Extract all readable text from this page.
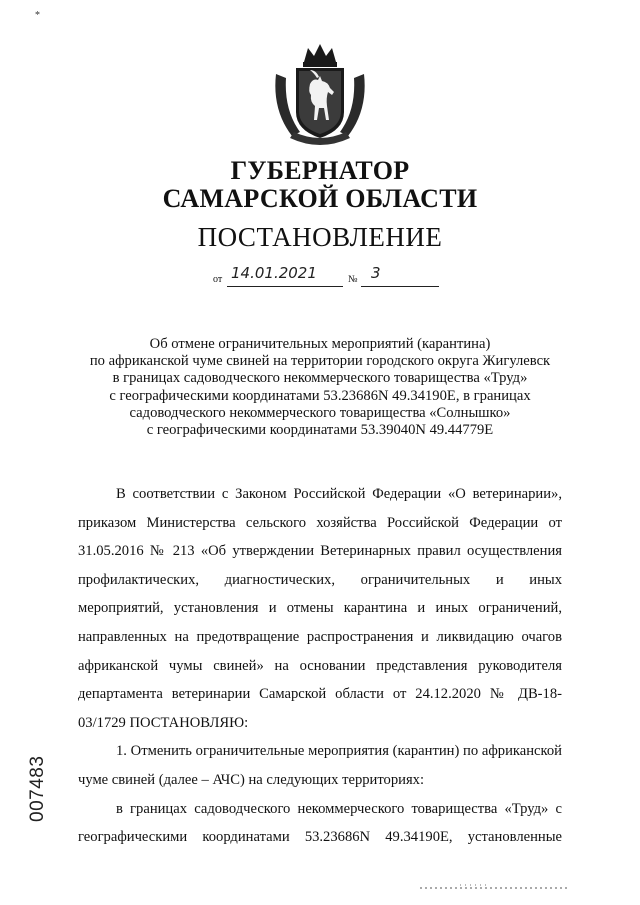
*
ГУБЕРНАТОР
САМАРСКОЙ ОБЛАСТИ
ПОСТАНОВЛЕНИЕ
от 14.01.2021	№ 3
Об отмене ограничительных мероприятий (карантина)
по африканской чуме свиней на территории городского округа Жигулевск
в границах садоводческого некоммерческого товарищества «Труд»
с географическими координатами 53.23686N 49.34190E, в границах
садоводческого некоммерческого товарищества «Солнышко»
с географическими координатами 53.39040N 49.44779E

В соответствии с Законом Российской Федерации «О ветеринарии», приказом Министерства сельского хозяйства Российской Федерации от 31.05.2016 № 213 «Об утверждении Ветеринарных правил осуществления профилактических, диагностических, ограничительных и иных мероприятий, установления и отмены карантина и иных ограничений, направленных на предотвращение распространения и ликвидацию очагов африканской чумы свиней» на основании представления руководителя департамента ветеринарии Самарской области от 24.12.2020 № ДВ-18-03/1729 ПОСТАНОВЛЯЮ:

1. Отменить ограничительные мероприятия (карантин) по африканской чуме свиней (далее – АЧС) на следующих территориях:

в границах садоводческого некоммерческого товарищества «Труд» с географическими координатами 53.23686N 49.34190E, установленные

007483
